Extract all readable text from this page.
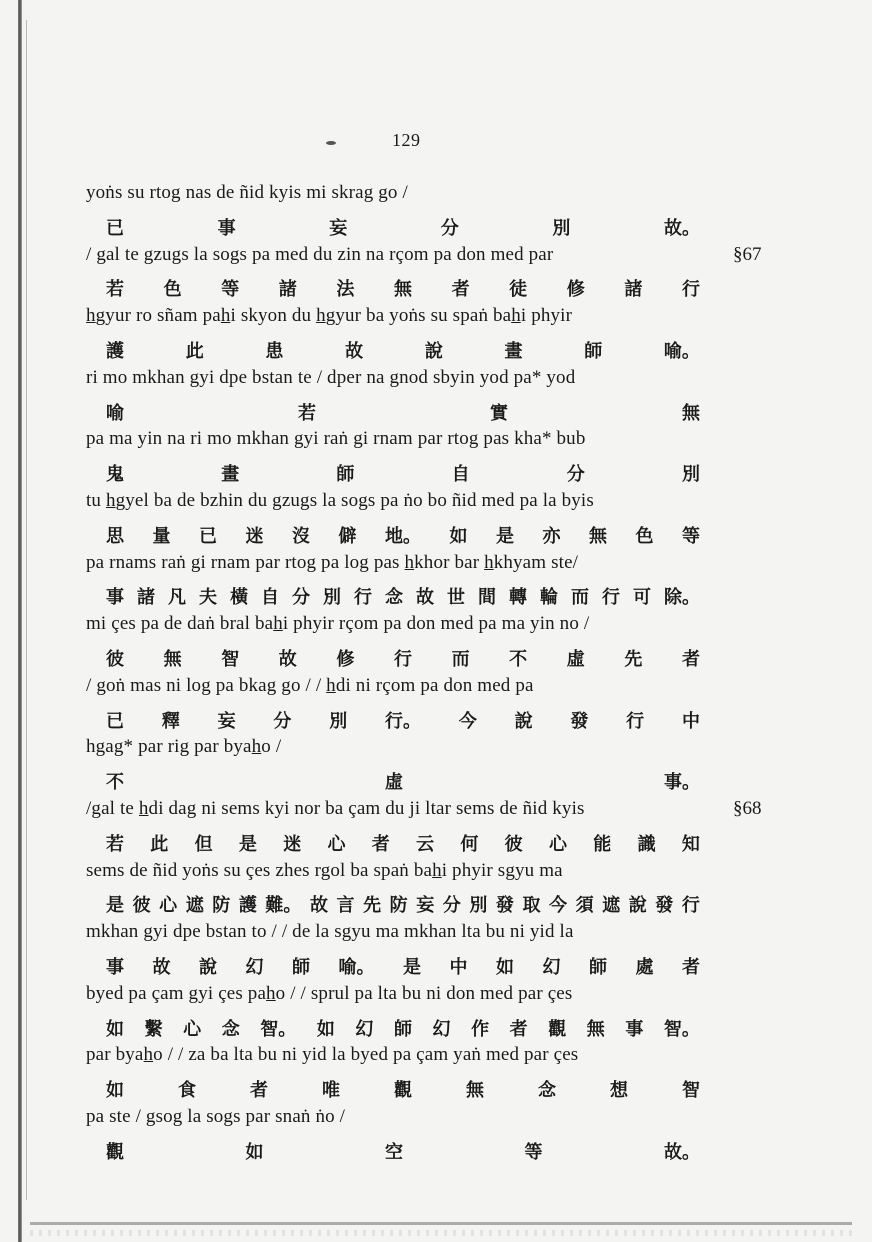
129
yoṅs su rtog nas de ñid kyis mi skrag go /
已	事	妄	分	別	故。
/ gal te gzugs la sogs pa med du zin na rçom pa don med par
若 色 等 諸 法 無 者 徒 修 諸 行
h̲gyur ro sñam pah̲i skyon du h̲gyur ba yoṅs su spaṅ bah̲i phyir
護	此	患	故	說	畫	師	喻。
ri mo mkhan gyi dpe bstan te / dper na gnod sbyin yod pa* yod
喻	若	實	無
pa ma yin na ri mo mkhan gyi raṅ gi rnam par rtog pas kha* bub
鬼	畫	師	自	分	別
tu h̲gyel ba de bzhin du gzugs la sogs pa ṅo bo ñid med pa la byis
思 量 已 迷 沒 僻 地。 如 是 亦 無 色 等
pa rnams raṅ gi rnam par rtog pa log pas h̲khor bar h̲khyam ste/
事 諸 凡 夫 橫 自 分 別 行 念 故 世 間 轉 輪 而 行 可 除。
mi çes pa de daṅ bral bah̲i phyir rçom pa don med pa ma yin no /
彼 無 智 故 修 行 而 不 虛 先 者
/ goṅ mas ni log pa bkag go / / h̲di ni rçom pa don med pa
已 釋 妄 分 別 行。 今 說 發 行 中
hgag* par rig par byah̲o /
不	虛	事。
/gal te h̲di dag ni sems kyi nor ba çam du ji ltar sems de ñid kyis
若 此 但 是 迷 心 者 云 何 彼 心 能 識 知
sems de ñid yoṅs su çes zhes rgol ba spaṅ bah̲i phyir sgyu ma
是 彼 心 遮 防 護 難。 故 言 先 防 妄 分 別 發 取 今 須 遮 說 發 行
mkhan gyi dpe bstan to / / de la sgyu ma mkhan lta bu ni yid la
事 故 說 幻 師 喻。 是 中 如 幻 師 處 者
byed pa çam gyi çes pah̲o / / sprul pa lta bu ni don med par çes
如 繫 心 念 智。 如 幻 師 幻 作 者 觀 無 事 智。
par byah̲o / / za ba lta bu ni yid la byed pa çam yaṅ med par çes
如	食	者	唯	觀	無	念	想	智
pa ste / gsog la sogs par snaṅ ṅo /
觀	如	空	等	故。
§67
§68
